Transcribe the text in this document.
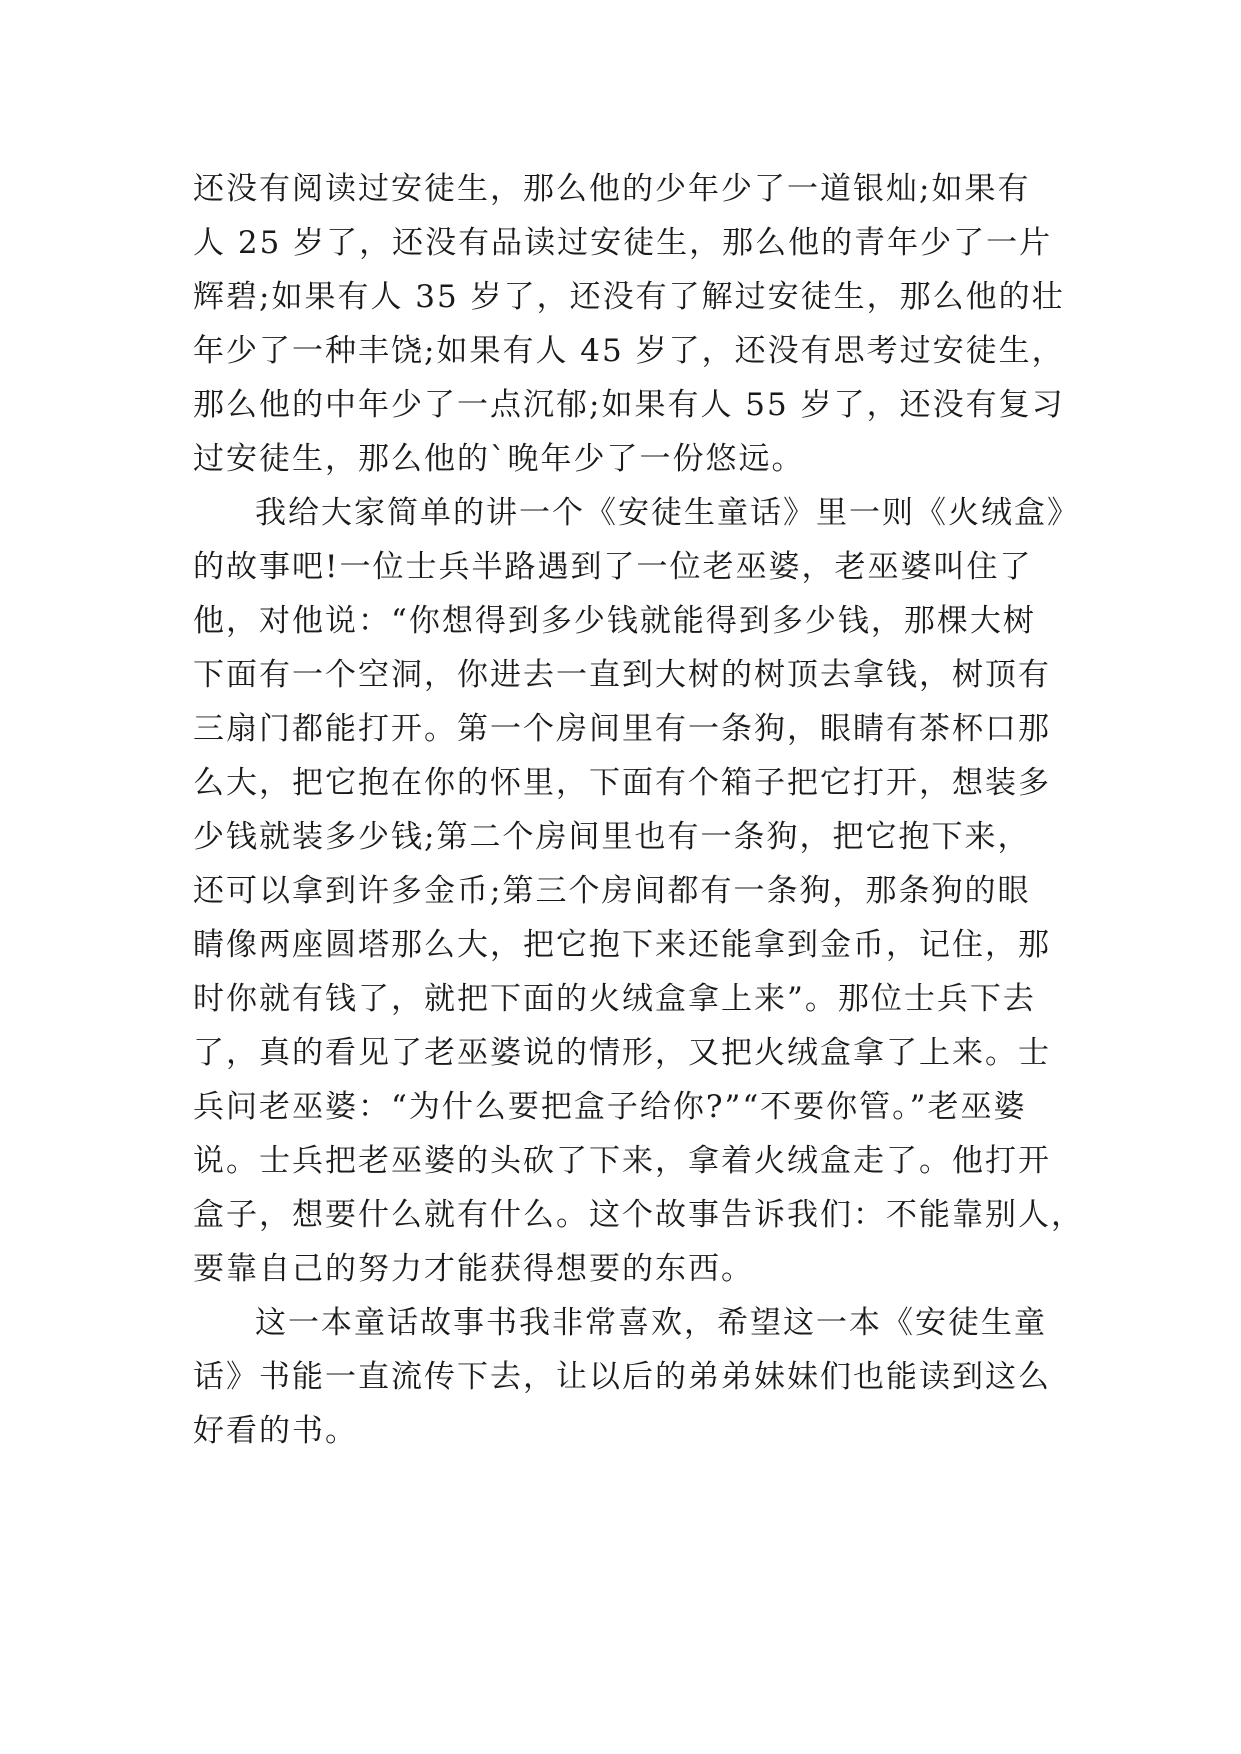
还没有阅读过安徒生，那么他的少年少了一道银灿;如果有
人 25 岁了，还没有品读过安徒生，那么他的青年少了一片
辉碧;如果有人 35 岁了，还没有了解过安徒生，那么他的壮
年少了一种丰饶;如果有人 45 岁了，还没有思考过安徒生，
那么他的中年少了一点沉郁;如果有人 55 岁了，还没有复习
过安徒生，那么他的`晚年少了一份悠远。
我给大家简单的讲一个《安徒生童话》里一则《火绒盒》
的故事吧!一位士兵半路遇到了一位老巫婆，老巫婆叫住了
他，对他说：“你想得到多少钱就能得到多少钱，那棵大树
下面有一个空洞，你进去一直到大树的树顶去拿钱，树顶有
三扇门都能打开。第一个房间里有一条狗，眼睛有茶杯口那
么大，把它抱在你的怀里，下面有个箱子把它打开，想装多
少钱就装多少钱;第二个房间里也有一条狗，把它抱下来，
还可以拿到许多金币;第三个房间都有一条狗，那条狗的眼
睛像两座圆塔那么大，把它抱下来还能拿到金币，记住，那
时你就有钱了，就把下面的火绒盒拿上来”。那位士兵下去
了，真的看见了老巫婆说的情形，又把火绒盒拿了上来。士
兵问老巫婆：“为什么要把盒子给你?”“不要你管。”老巫婆
说。士兵把老巫婆的头砍了下来，拿着火绒盒走了。他打开
盒子，想要什么就有什么。这个故事告诉我们：不能靠别人，
要靠自己的努力才能获得想要的东西。
这一本童话故事书我非常喜欢，希望这一本《安徒生童
话》书能一直流传下去，让以后的弟弟妹妹们也能读到这么
好看的书。
